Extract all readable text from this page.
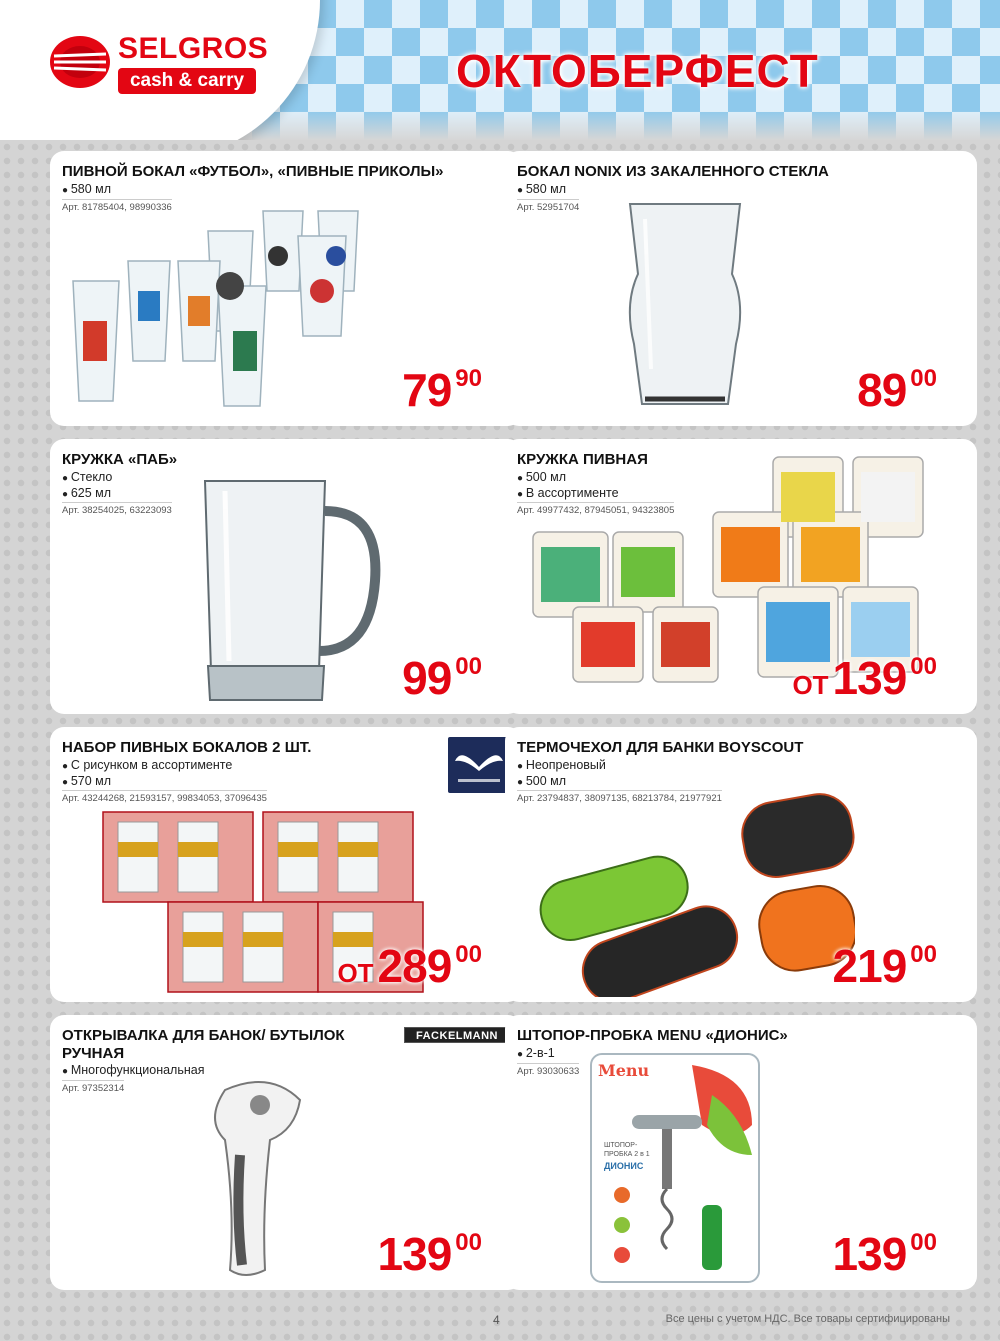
SELGROS
cash & carry	ОКТОБЕРФЕСТ
ПИВНОЙ БОКАЛ «ФУТБОЛ», «ПИВНЫЕ ПРИКОЛЫ»
● 580 мл
Арт. 81785404, 98990336
79 90
БОКАЛ NONIX ИЗ ЗАКАЛЕННОГО СТЕКЛА
● 580 мл
Арт. 52951704
89 00
КРУЖКА «ПАБ»
● Стекло
● 625 мл
Арт. 38254025, 63223093
99 00
КРУЖКА ПИВНАЯ
● 500 мл
● В ассортименте
Арт. 49977432, 87945051, 94323805
ОТ139 00
НАБОР ПИВНЫХ БОКАЛОВ 2 ШТ.
● С рисунком в ассортименте
● 570 мл
Арт. 43244268, 21593157, 99834053, 37096435
ОТ289 00
ТЕРМОЧЕХОЛ ДЛЯ БАНКИ BOYSCOUT
● Неопреновый
● 500 мл
Арт. 23794837, 38097135, 68213784, 21977921
219 00
ОТКРЫВАЛКА ДЛЯ БАНОК/ БУТЫЛОК РУЧНАЯ
● Многофункциональная
Арт. 97352314
FACKELMANN
139 00
ШТОПОР-ПРОБКА MENU «ДИОНИС»
● 2-в-1
Арт. 93030633 Menu
ШТОПОР-ПРОБКА 2 в 1
ДИОНИС
139 00
4	Все цены с учетом НДС. Все товары сертифицированы
